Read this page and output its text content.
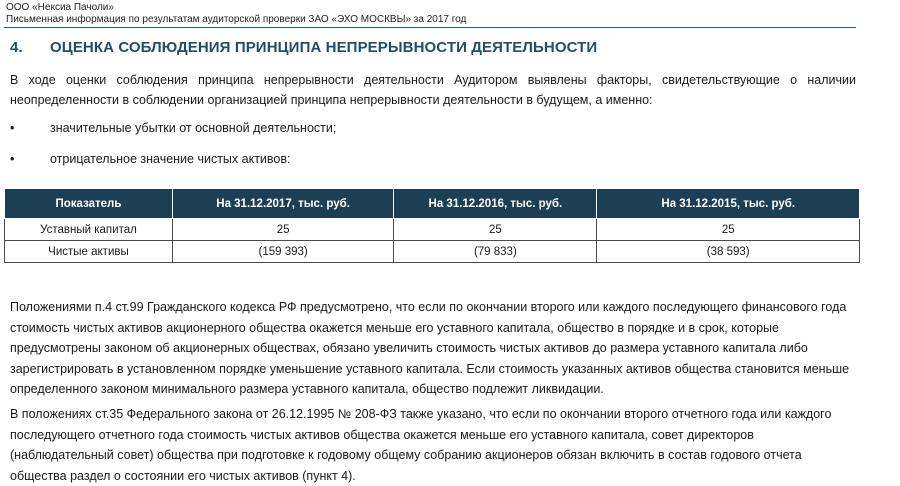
ООО «Нексиа Пачоли»
Письменная информация по результатам аудиторской проверки ЗАО «ЭХО МОСКВЫ» за 2017 год
4. ОЦЕНКА СОБЛЮДЕНИЯ ПРИНЦИПА НЕПРЕРЫВНОСТИ ДЕЯТЕЛЬНОСТИ
В ходе оценки соблюдения принципа непрерывности деятельности Аудитором выявлены факторы, свидетельствующие о наличии неопределенности в соблюдении организацией принципа непрерывности деятельности в будущем, а именно:
•	значительные убытки от основной деятельности;
•	отрицательное значение чистых активов:
Показатель	На 31.12.2017, тыс. руб.	На 31.12.2016, тыс. руб.	На 31.12.2015, тыс. руб.
Уставный капитал	25	25	25
Чистые активы	(159 393)	(79 833)	(38 593)
Положениями п.4 ст.99 Гражданского кодекса РФ предусмотрено, что если по окончании второго или каждого последующего финансового года стоимость чистых активов акционерного общества окажется меньше его уставного капитала, общество в порядке и в срок, которые предусмотрены законом об акционерных обществах, обязано увеличить стоимость чистых активов до размера уставного капитала либо зарегистрировать в установленном порядке уменьшение уставного капитала. Если стоимость указанных активов общества становится меньше определенного законом минимального размера уставного капитала, общество подлежит ликвидации.
В положениях ст.35 Федерального закона от 26.12.1995 № 208-ФЗ также указано, что если по окончании второго отчетного года или каждого последующего отчетного года стоимость чистых активов общества окажется меньше его уставного капитала, совет директоров (наблюдательный совет) общества при подготовке к годовому общему собранию акционеров обязан включить в состав годового отчета общества раздел о состоянии его чистых активов (пункт 4).
